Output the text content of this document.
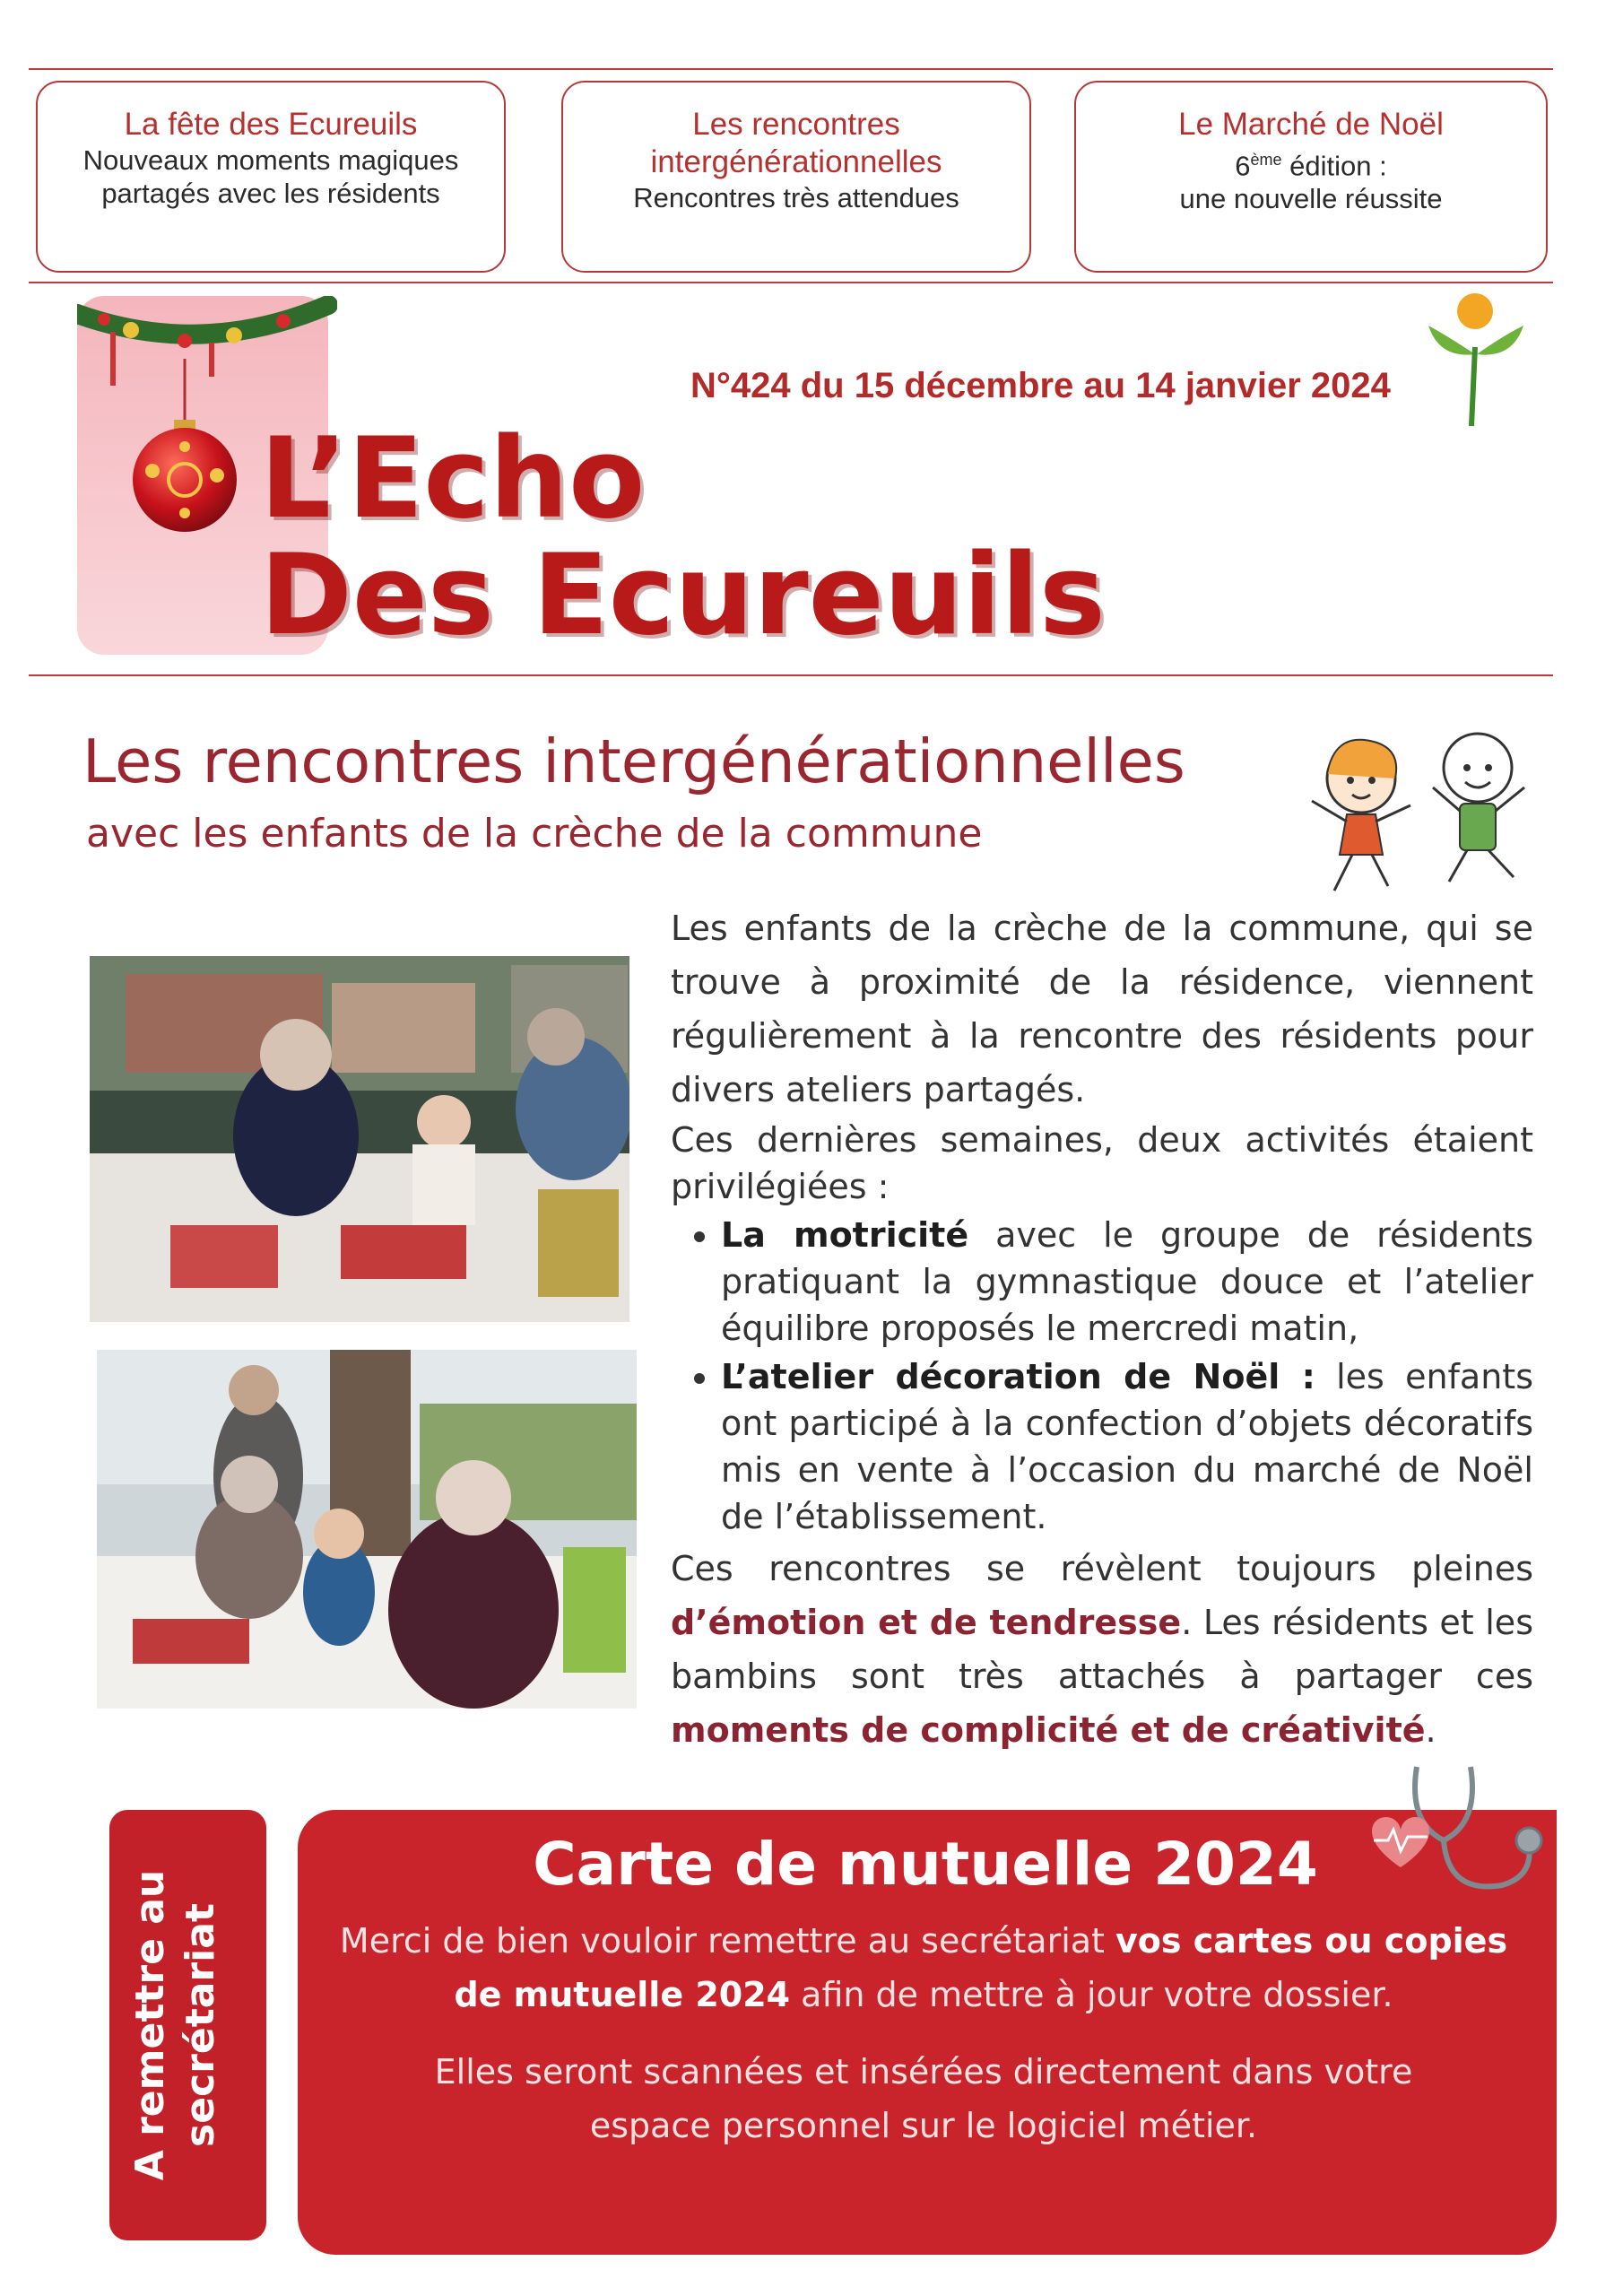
La fête des Ecureuils
Nouveaux moments magiques
partagés avec les résidents
Les rencontres
intergénérationnelles
Rencontres très attendues
Le Marché de Noël
6ème édition :
une nouvelle réussite
N°424 du 15 décembre au 14 janvier 2024
L’Echo
Des Ecureuils
Les rencontres intergénérationnelles
avec les enfants de la crèche de la commune

Les enfants de la crèche de la commune, qui se trouve à proximité de la résidence, viennent régulièrement à la rencontre des résidents pour divers ateliers partagés.

Ces dernières semaines, deux activités étaient privilégiées :

• La motricité avec le groupe de résidents pratiquant la gymnastique douce et l’atelier équilibre proposés le mercredi matin,
• L’atelier décoration de Noël : les enfants ont participé à la confection d’objets décoratifs mis en vente à l’occasion du marché de Noël de l’établissement.

Ces rencontres se révèlent toujours pleines d’émotion et de tendresse. Les résidents et les bambins sont très attachés à partager ces moments de complicité et de créativité.

A remettre au secrétariat
Carte de mutuelle 2024
Merci de bien vouloir remettre au secrétariat vos cartes ou copies de mutuelle 2024 afin de mettre à jour votre dossier.
Elles seront scannées et insérées directement dans votre espace personnel sur le logiciel métier.
